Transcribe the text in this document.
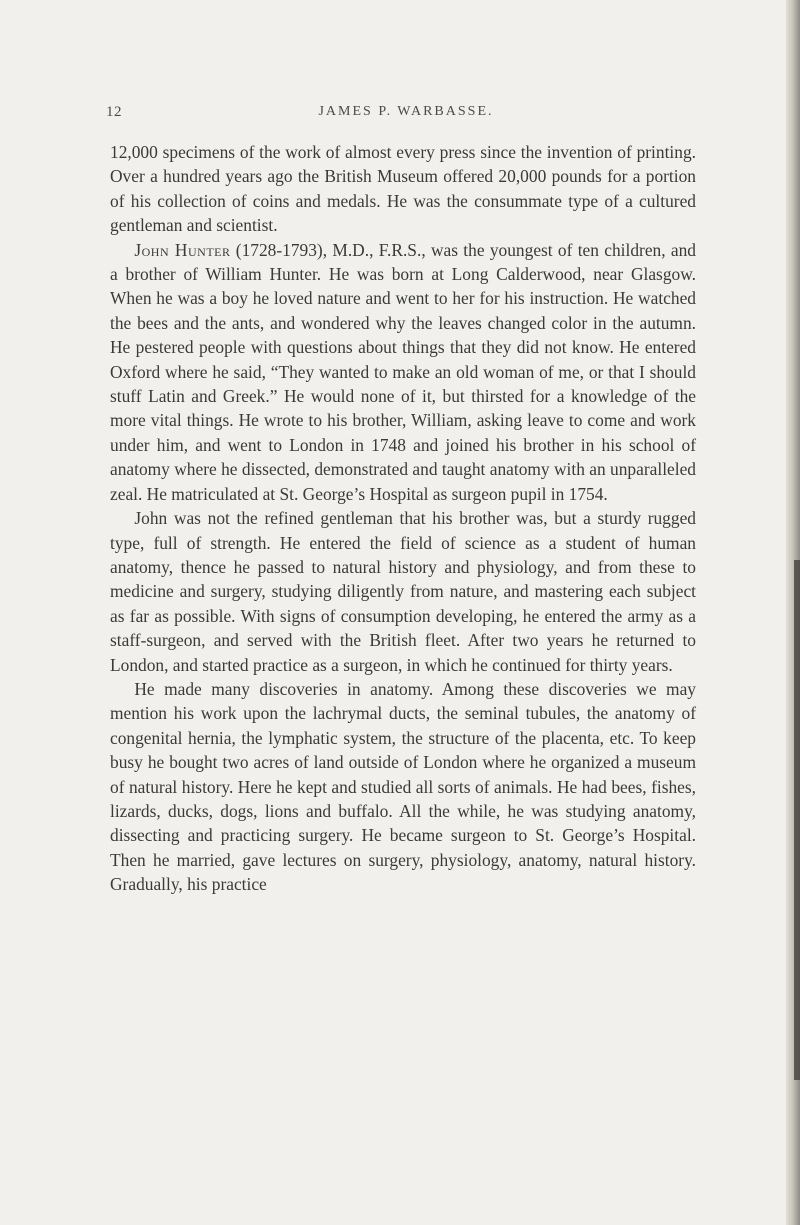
12	JAMES P. WARBASSE.

12,000 specimens of the work of almost every press since the invention of printing. Over a hundred years ago the British Museum offered 20,000 pounds for a portion of his collection of coins and medals. He was the consummate type of a cultured gentleman and scientist.

John Hunter (1728-1793), M.D., F.R.S., was the youngest of ten children, and a brother of William Hunter. He was born at Long Calderwood, near Glasgow. When he was a boy he loved nature and went to her for his instruction. He watched the bees and the ants, and wondered why the leaves changed color in the autumn. He pestered people with questions about things that they did not know. He entered Oxford where he said, “They wanted to make an old woman of me, or that I should stuff Latin and Greek.” He would none of it, but thirsted for a knowledge of the more vital things. He wrote to his brother, William, asking leave to come and work under him, and went to London in 1748 and joined his brother in his school of anatomy where he dissected, demonstrated and taught anatomy with an unparalleled zeal. He matriculated at St. George’s Hospital as surgeon pupil in 1754.

John was not the refined gentleman that his brother was, but a sturdy rugged type, full of strength. He entered the field of science as a student of human anatomy, thence he passed to natural history and physiology, and from these to medicine and surgery, studying diligently from nature, and mastering each subject as far as possible. With signs of consumption developing, he entered the army as a staff-surgeon, and served with the British fleet. After two years he returned to London, and started practice as a surgeon, in which he continued for thirty years.

He made many discoveries in anatomy. Among these discoveries we may mention his work upon the lachrymal ducts, the seminal tubules, the anatomy of congenital hernia, the lymphatic system, the structure of the placenta, etc. To keep busy he bought two acres of land outside of London where he organized a museum of natural history. Here he kept and studied all sorts of animals. He had bees, fishes, lizards, ducks, dogs, lions and buffalo. All the while, he was studying anatomy, dissecting and practicing surgery. He became surgeon to St. George’s Hospital. Then he married, gave lectures on surgery, physiology, anatomy, natural history. Gradually, his practice
